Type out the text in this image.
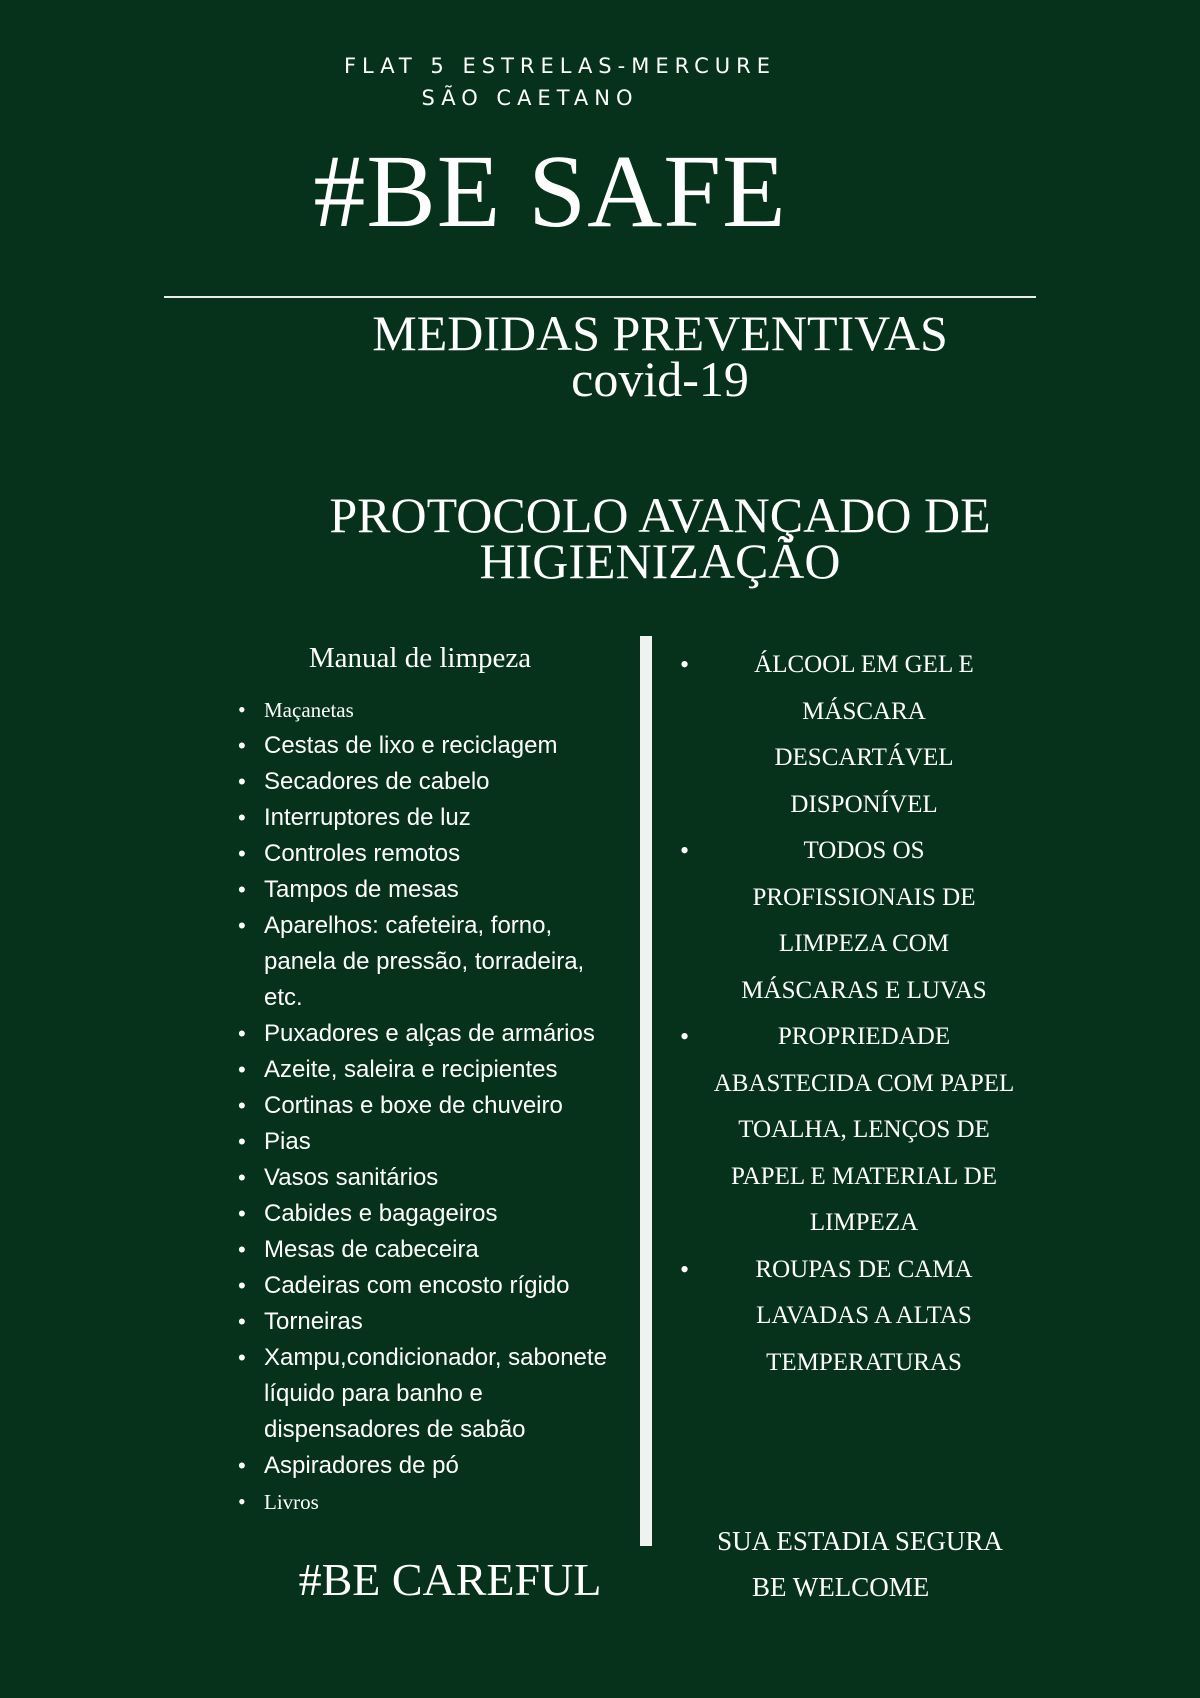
FLAT 5 ESTRELAS-MERCURE
SÃO CAETANO
#BE SAFE
MEDIDAS PREVENTIVAS
covid-19
PROTOCOLO AVANÇADO DE
HIGIENIZAÇÃO
Manual de limpeza
• Maçanetas
• Cestas de lixo e reciclagem
• Secadores de cabelo
• Interruptores de luz
• Controles remotos
• Tampos de mesas
• Aparelhos: cafeteira, forno, panela de pressão, torradeira, etc.
• Puxadores e alças de armários
• Azeite, saleira e recipientes
• Cortinas e boxe de chuveiro
• Pias
• Vasos sanitários
• Cabides e bagageiros
• Mesas de cabeceira
• Cadeiras com encosto rígido
• Torneiras
• Xampu,condicionador, sabonete líquido para banho e dispensadores de sabão
• Aspiradores de pó
• Livros
• ÁLCOOL EM GEL E MÁSCARA DESCARTÁVEL DISPONÍVEL
• TODOS OS PROFISSIONAIS DE LIMPEZA COM MÁSCARAS E LUVAS
• PROPRIEDADE ABASTECIDA COM PAPEL TOALHA, LENÇOS DE PAPEL E MATERIAL DE LIMPEZA
• ROUPAS DE CAMA LAVADAS A ALTAS TEMPERATURAS
SUA ESTADIA SEGURA
BE WELCOME
#BE CAREFUL
